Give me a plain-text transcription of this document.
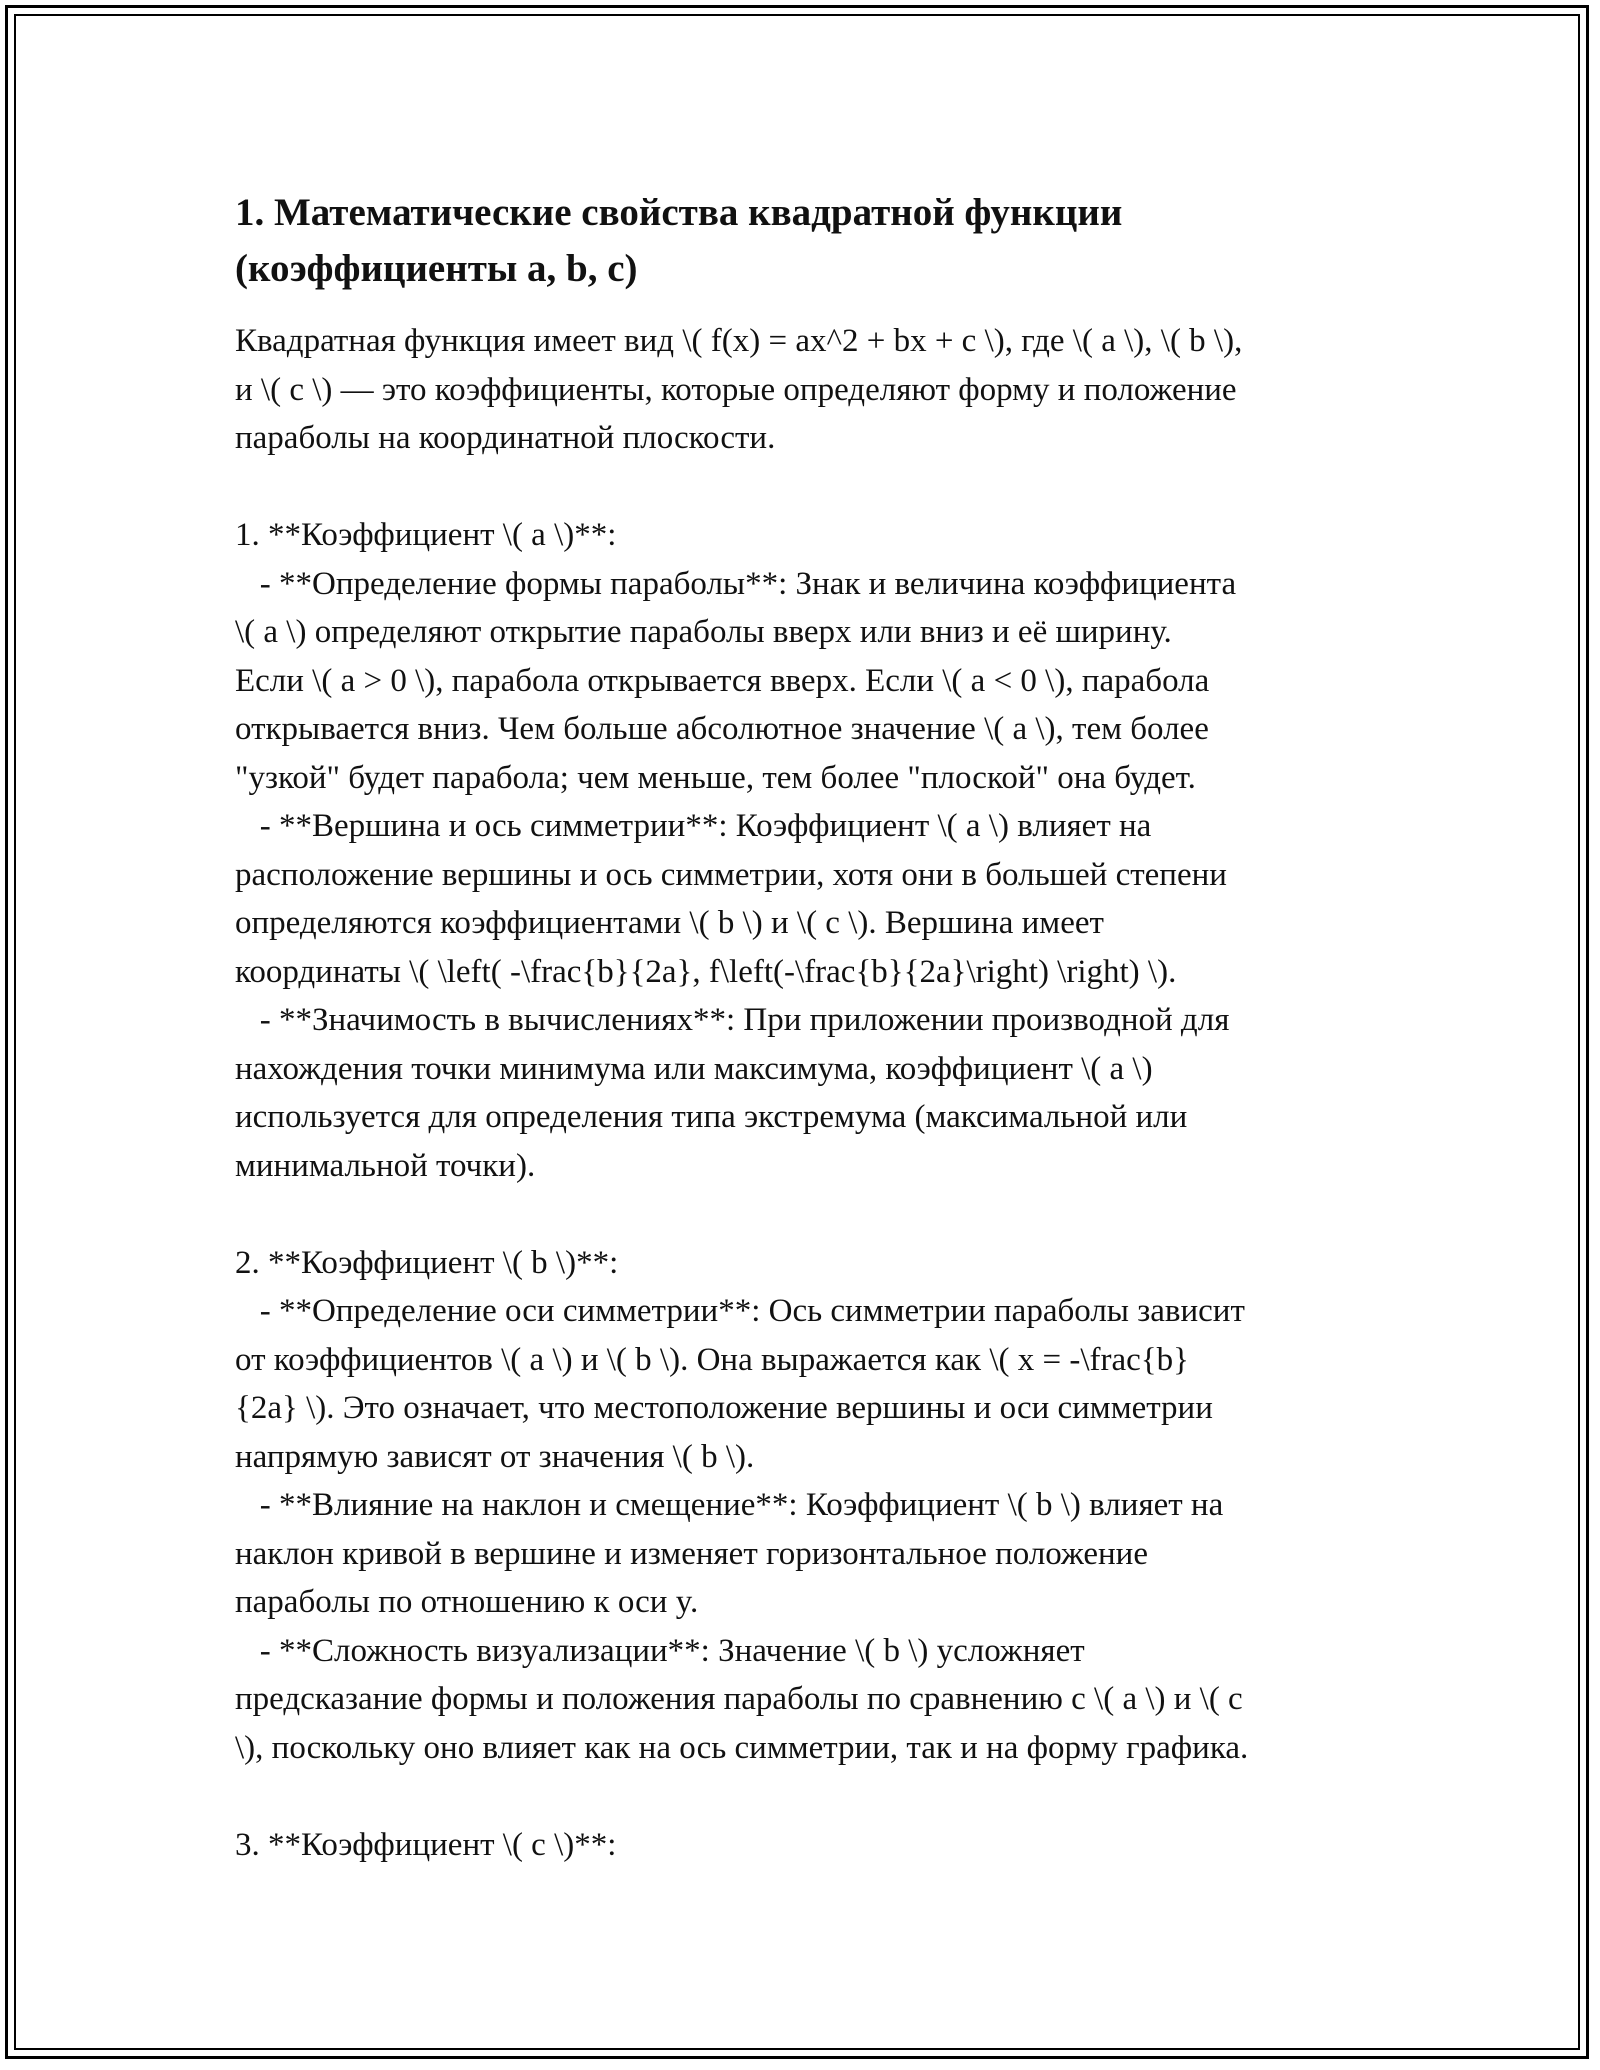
1. Математические свойства квадратной функции
(коэффициенты a, b, c)
Квадратная функция имеет вид \( f(x) = ax^2 + bx + c \), где \( a \), \( b \),
и \( c \) — это коэффициенты, которые определяют форму и положение
параболы на координатной плоскости.
1. **Коэффициент \( a \)**:
- **Определение формы параболы**: Знак и величина коэффициента
\( a \) определяют открытие параболы вверх или вниз и её ширину.
Если \( a > 0 \), парабола открывается вверх. Если \( a < 0 \), парабола
открывается вниз. Чем больше абсолютное значение \( a \), тем более
"узкой" будет парабола; чем меньше, тем более "плоской" она будет.
- **Вершина и ось симметрии**: Коэффициент \( a \) влияет на
расположение вершины и ось симметрии, хотя они в большей степени
определяются коэффициентами \( b \) и \( c \). Вершина имеет
координаты \( \left( -\frac{b}{2a}, f\left(-\frac{b}{2a}\right) \right) \).
- **Значимость в вычислениях**: При приложении производной для
нахождения точки минимума или максимума, коэффициент \( a \)
используется для определения типа экстремума (максимальной или
минимальной точки).
2. **Коэффициент \( b \)**:
- **Определение оси симметрии**: Ось симметрии параболы зависит
от коэффициентов \( a \) и \( b \). Она выражается как \( x = -\frac{b}
{2a} \). Это означает, что местоположение вершины и оси симметрии
напрямую зависят от значения \( b \).
- **Влияние на наклон и смещение**: Коэффициент \( b \) влияет на
наклон кривой в вершине и изменяет горизонтальное положение
параболы по отношению к оси y.
- **Сложность визуализации**: Значение \( b \) усложняет
предсказание формы и положения параболы по сравнению с \( a \) и \( c
\), поскольку оно влияет как на ось симметрии, так и на форму графика.
3. **Коэффициент \( c \)**:
